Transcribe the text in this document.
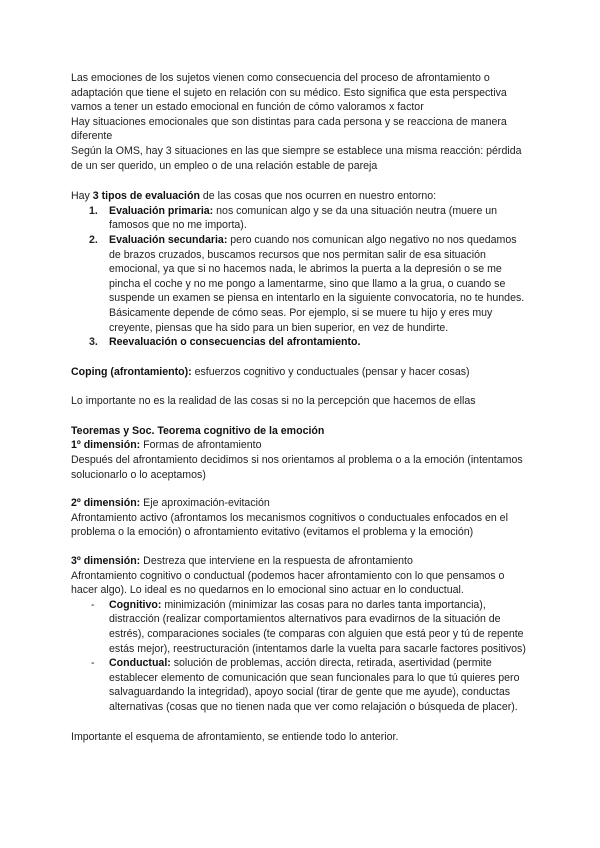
Las emociones de los sujetos vienen como consecuencia del proceso de afrontamiento o adaptación que tiene el sujeto en relación con su médico. Esto significa que esta perspectiva vamos a tener un estado emocional en función de cómo valoramos x factor

Hay situaciones emocionales que son distintas para cada persona y se reacciona de manera diferente

Según la OMS, hay 3 situaciones en las que siempre se establece una misma reacción: pérdida de un ser querido, un empleo o de una relación estable de pareja

Hay 3 tipos de evaluación de las cosas que nos ocurren en nuestro entorno:

1. Evaluación primaria: nos comunican algo y se da una situación neutra (muere un famosos que no me importa).
2. Evaluación secundaria: pero cuando nos comunican algo negativo no nos quedamos de brazos cruzados, buscamos recursos que nos permitan salir de esa situación emocional, ya que si no hacemos nada, le abrimos la puerta a la depresión o se me pincha el coche y no me pongo a lamentarme, sino que llamo a la grua, o cuando se suspende un examen se piensa en intentarlo en la siguiente convocatoria, no te hundes. Básicamente depende de cómo seas. Por ejemplo, si se muere tu hijo y eres muy creyente, piensas que ha sido para un bien superior, en vez de hundirte.
3. Reevaluación o consecuencias del afrontamiento.

Coping (afrontamiento): esfuerzos cognitivo y conductuales (pensar y hacer cosas)

Lo importante no es la realidad de las cosas si no la percepción que hacemos de ellas

Teoremas y Soc. Teorema cognitivo de la emoción

1º dimensión: Formas de afrontamiento

Después del afrontamiento decidimos si nos orientamos al problema o a la emoción (intentamos solucionarlo o lo aceptamos)

2º dimensión: Eje aproximación-evitación

Afrontamiento activo (afrontamos los mecanismos cognitivos o conductuales enfocados en el problema o la emoción) o afrontamiento evitativo (evitamos el problema y la emoción)

3º dimensión: Destreza que interviene en la respuesta de afrontamiento

Afrontamiento cognitivo o conductual (podemos hacer afrontamiento con lo que pensamos o hacer algo). Lo ideal es no quedarnos en lo emocional sino actuar en lo conductual.

- Cognitivo: minimización (minimizar las cosas para no darles tanta importancia), distracción (realizar comportamientos alternativos para evadirnos de la situación de estrés), comparaciones sociales (te comparas con alguien que está peor y tú de repente estás mejor), reestructuración (intentamos darle la vuelta para sacarle factores positivos)
- Conductual: solución de problemas, acción directa, retirada, asertividad (permite establecer elemento de comunicación que sean funcionales para lo que tú quieres pero salvaguardando la integridad), apoyo social (tirar de gente que me ayude), conductas alternativas (cosas que no tienen nada que ver como relajación o búsqueda de placer).

Importante el esquema de afrontamiento, se entiende todo lo anterior.
